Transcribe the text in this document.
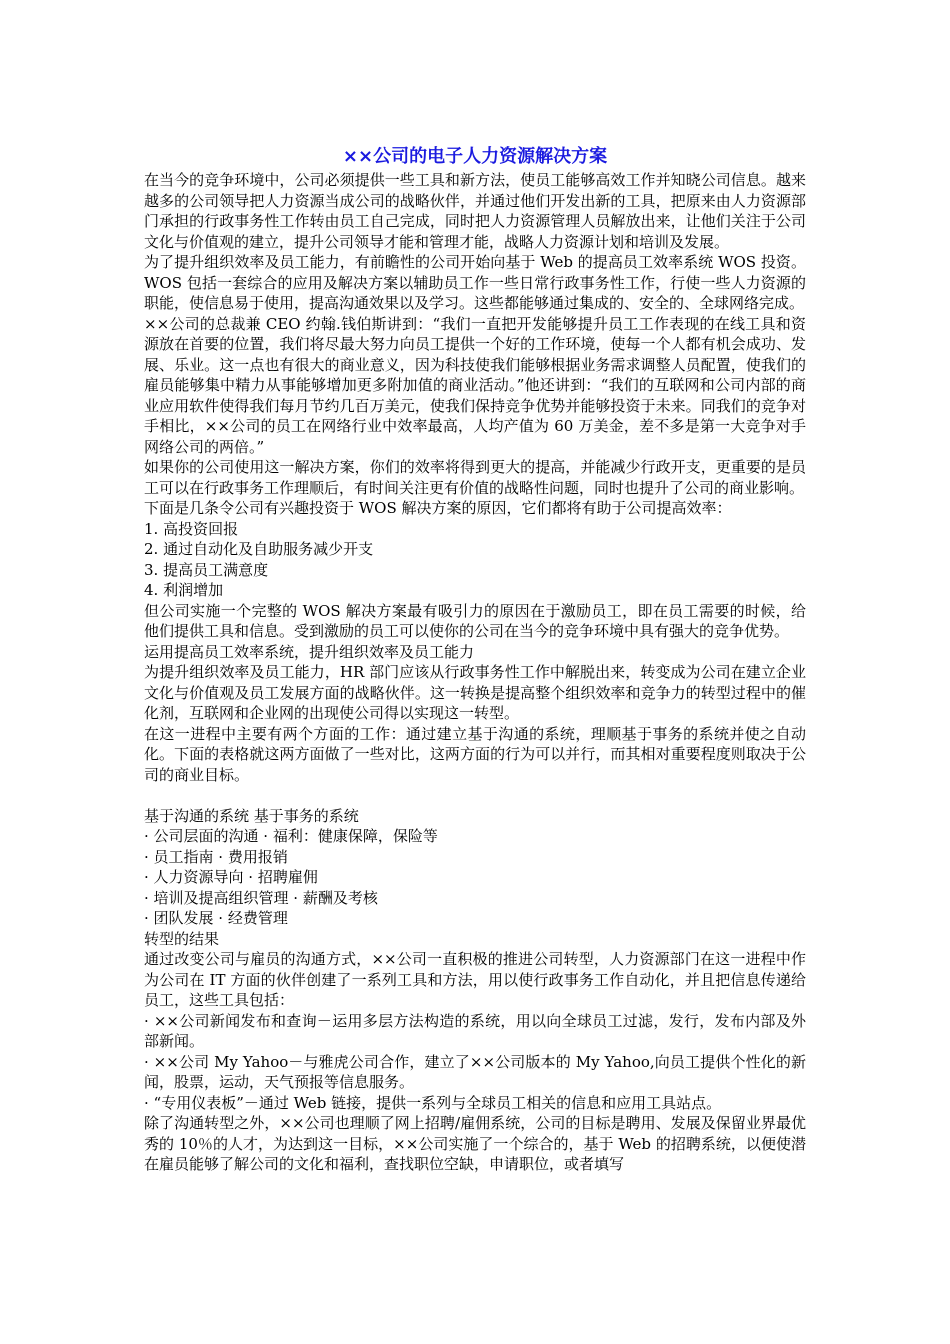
××公司的电子人力资源解决方案

在当今的竞争环境中，公司必须提供一些工具和新方法，使员工能够高效工作并知晓公司信息。越来越多的公司领导把人力资源当成公司的战略伙伴，并通过他们开发出新的工具，把原来由人力资源部门承担的行政事务性工作转由员工自己完成，同时把人力资源管理人员解放出来，让他们关注于公司文化与价值观的建立，提升公司领导才能和管理才能，战略人力资源计划和培训及发展。

为了提升组织效率及员工能力，有前瞻性的公司开始向基于 Web 的提高员工效率系统 WOS 投资。WOS 包括一套综合的应用及解决方案以辅助员工作一些日常行政事务性工作，行使一些人力资源的职能，使信息易于使用，提高沟通效果以及学习。这些都能够通过集成的、安全的、全球网络完成。

××公司的总裁兼 CEO 约翰.钱伯斯讲到：“我们一直把开发能够提升员工工作表现的在线工具和资源放在首要的位置，我们将尽最大努力向员工提供一个好的工作环境，使每一个人都有机会成功、发展、乐业。这一点也有很大的商业意义，因为科技使我们能够根据业务需求调整人员配置，使我们的雇员能够集中精力从事能够增加更多附加值的商业活动。”他还讲到：“我们的互联网和公司内部的商业应用软件使得我们每月节约几百万美元，使我们保持竞争优势并能够投资于未来。同我们的竞争对手相比，××公司的员工在网络行业中效率最高，人均产值为 60 万美金，差不多是第一大竞争对手网络公司的两倍。”

如果你的公司使用这一解决方案，你们的效率将得到更大的提高，并能减少行政开支，更重要的是员工可以在行政事务工作理顺后，有时间关注更有价值的战略性问题，同时也提升了公司的商业影响。

下面是几条令公司有兴趣投资于 WOS 解决方案的原因，它们都将有助于公司提高效率：

1. 高投资回报

2. 通过自动化及自助服务减少开支

3. 提高员工满意度

4. 利润增加

但公司实施一个完整的 WOS 解决方案最有吸引力的原因在于激励员工，即在员工需要的时候，给他们提供工具和信息。受到激励的员工可以使你的公司在当今的竞争环境中具有强大的竞争优势。

运用提高员工效率系统，提升组织效率及员工能力

为提升组织效率及员工能力，HR 部门应该从行政事务性工作中解脱出来，转变成为公司在建立企业文化与价值观及员工发展方面的战略伙伴。这一转换是提高整个组织效率和竞争力的转型过程中的催化剂，互联网和企业网的出现使公司得以实现这一转型。

在这一进程中主要有两个方面的工作：通过建立基于沟通的系统，理顺基于事务的系统并使之自动化。下面的表格就这两方面做了一些对比，这两方面的行为可以并行，而其相对重要程度则取决于公司的商业目标。

基于沟通的系统 基于事务的系统

· 公司层面的沟通 · 福利：健康保障，保险等

· 员工指南 · 费用报销

· 人力资源导向 · 招聘雇佣

· 培训及提高组织管理 · 薪酬及考核

· 团队发展 · 经费管理

转型的结果

通过改变公司与雇员的沟通方式，××公司一直积极的推进公司转型，人力资源部门在这一进程中作为公司在 IT 方面的伙伴创建了一系列工具和方法，用以使行政事务工作自动化，并且把信息传递给员工，这些工具包括：

· ××公司新闻发布和查询－运用多层方法构造的系统，用以向全球员工过滤，发行，发布内部及外部新闻。

· ××公司 My Yahoo－与雅虎公司合作，建立了××公司版本的 My Yahoo,向员工提供个性化的新闻，股票，运动，天气预报等信息服务。

· “专用仪表板”－通过 Web 链接，提供一系列与全球员工相关的信息和应用工具站点。

除了沟通转型之外，××公司也理顺了网上招聘/雇佣系统，公司的目标是聘用、发展及保留业界最优秀的 10％的人才，为达到这一目标，××公司实施了一个综合的，基于 Web 的招聘系统，以便使潜在雇员能够了解公司的文化和福利，查找职位空缺，申请职位，或者填写
